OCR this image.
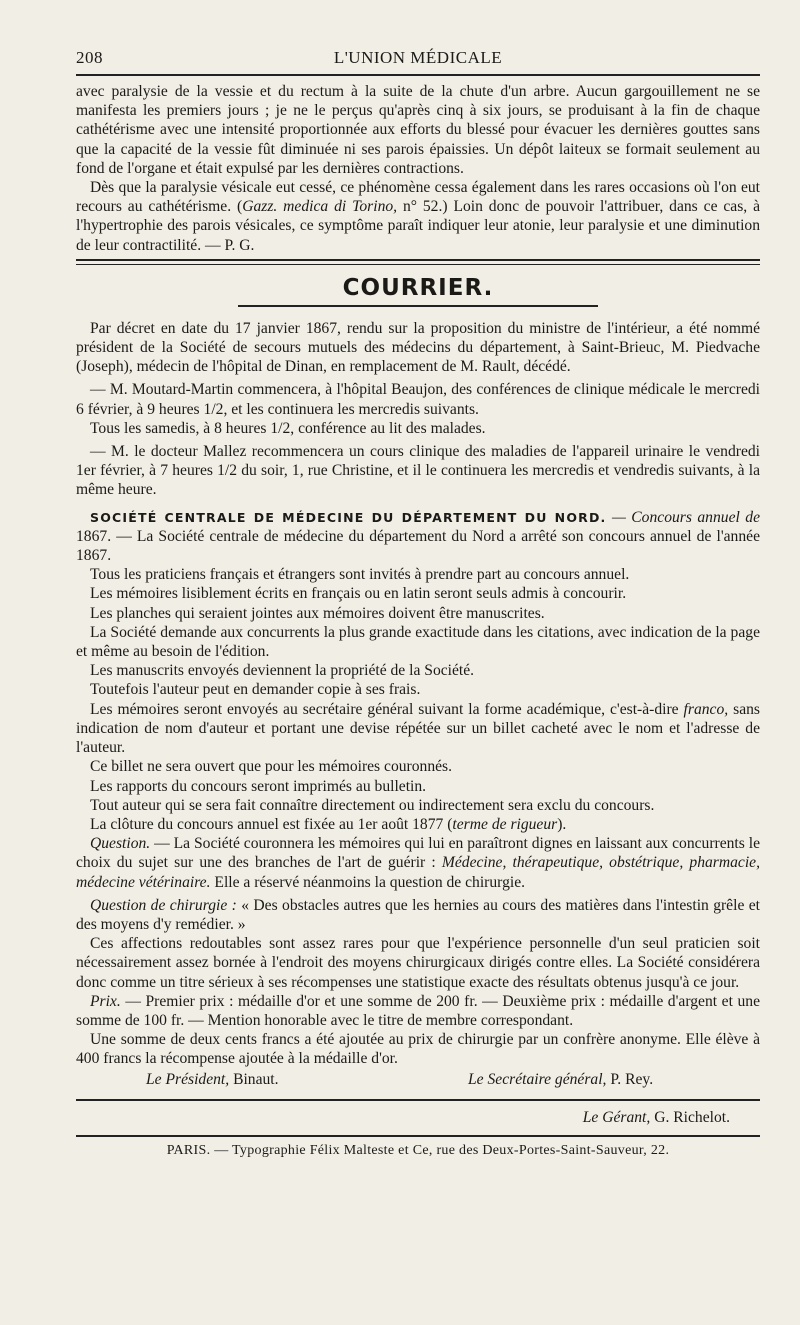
208	L'UNION MÉDICALE

avec paralysie de la vessie et du rectum à la suite de la chute d'un arbre. Aucun gargouillement ne se manifesta les premiers jours ; je ne le perçus qu'après cinq à six jours, se produisant à la fin de chaque cathétérisme avec une intensité proportionnée aux efforts du blessé pour évacuer les dernières gouttes sans que la capacité de la vessie fût diminuée ni ses parois épaissies. Un dépôt laiteux se formait seulement au fond de l'organe et était expulsé par les dernières contractions.

Dès que la paralysie vésicale eut cessé, ce phénomène cessa également dans les rares occasions où l'on eut recours au cathétérisme. (Gazz. medica di Torino, n° 52.) Loin donc de pouvoir l'attribuer, dans ce cas, à l'hypertrophie des parois vésicales, ce symptôme paraît indiquer leur atonie, leur paralysie et une diminution de leur contractilité. — P. G.

COURRIER.

Par décret en date du 17 janvier 1867, rendu sur la proposition du ministre de l'intérieur, a été nommé président de la Société de secours mutuels des médecins du département, à Saint-Brieuc, M. Piedvache (Joseph), médecin de l'hôpital de Dinan, en remplacement de M. Rault, décédé.

— M. Moutard-Martin commencera, à l'hôpital Beaujon, des conférences de clinique médicale le mercredi 6 février, à 9 heures 1/2, et les continuera les mercredis suivants.

Tous les samedis, à 8 heures 1/2, conférence au lit des malades.

— M. le docteur Mallez recommencera un cours clinique des maladies de l'appareil urinaire le vendredi 1er février, à 7 heures 1/2 du soir, 1, rue Christine, et il le continuera les mercredis et vendredis suivants, à la même heure.

SOCIÉTÉ CENTRALE DE MÉDECINE DU DÉPARTEMENT DU NORD. — Concours annuel de 1867. — La Société centrale de médecine du département du Nord a arrêté son concours annuel de l'année 1867.

Tous les praticiens français et étrangers sont invités à prendre part au concours annuel.

Les mémoires lisiblement écrits en français ou en latin seront seuls admis à concourir.

Les planches qui seraient jointes aux mémoires doivent être manuscrites.

La Société demande aux concurrents la plus grande exactitude dans les citations, avec indication de la page et même au besoin de l'édition.

Les manuscrits envoyés deviennent la propriété de la Société.

Toutefois l'auteur peut en demander copie à ses frais.

Les mémoires seront envoyés au secrétaire général suivant la forme académique, c'est-à-dire franco, sans indication de nom d'auteur et portant une devise répétée sur un billet cacheté avec le nom et l'adresse de l'auteur.

Ce billet ne sera ouvert que pour les mémoires couronnés.

Les rapports du concours seront imprimés au bulletin.

Tout auteur qui se sera fait connaître directement ou indirectement sera exclu du concours.

La clôture du concours annuel est fixée au 1er août 1877 (terme de rigueur).

Question. — La Société couronnera les mémoires qui lui en paraîtront dignes en laissant aux concurrents le choix du sujet sur une des branches de l'art de guérir : Médecine, thérapeutique, obstétrique, pharmacie, médecine vétérinaire. Elle a réservé néanmoins la question de chirurgie.

Question de chirurgie : « Des obstacles autres que les hernies au cours des matières dans l'intestin grêle et des moyens d'y remédier. »

Ces affections redoutables sont assez rares pour que l'expérience personnelle d'un seul praticien soit nécessairement assez bornée à l'endroit des moyens chirurgicaux dirigés contre elles. La Société considérera donc comme un titre sérieux à ses récompenses une statistique exacte des résultats obtenus jusqu'à ce jour.

Prix. — Premier prix : médaille d'or et une somme de 200 fr. — Deuxième prix : médaille d'argent et une somme de 100 fr. — Mention honorable avec le titre de membre correspondant.

Une somme de deux cents francs a été ajoutée au prix de chirurgie par un confrère anonyme. Elle élève à 400 francs la récompense ajoutée à la médaille d'or.

Le Président, Binaut.	Le Secrétaire général, P. Rey.
Le Gérant, G. Richelot.
PARIS. — Typographie Félix Malteste et Ce, rue des Deux-Portes-Saint-Sauveur, 22.
